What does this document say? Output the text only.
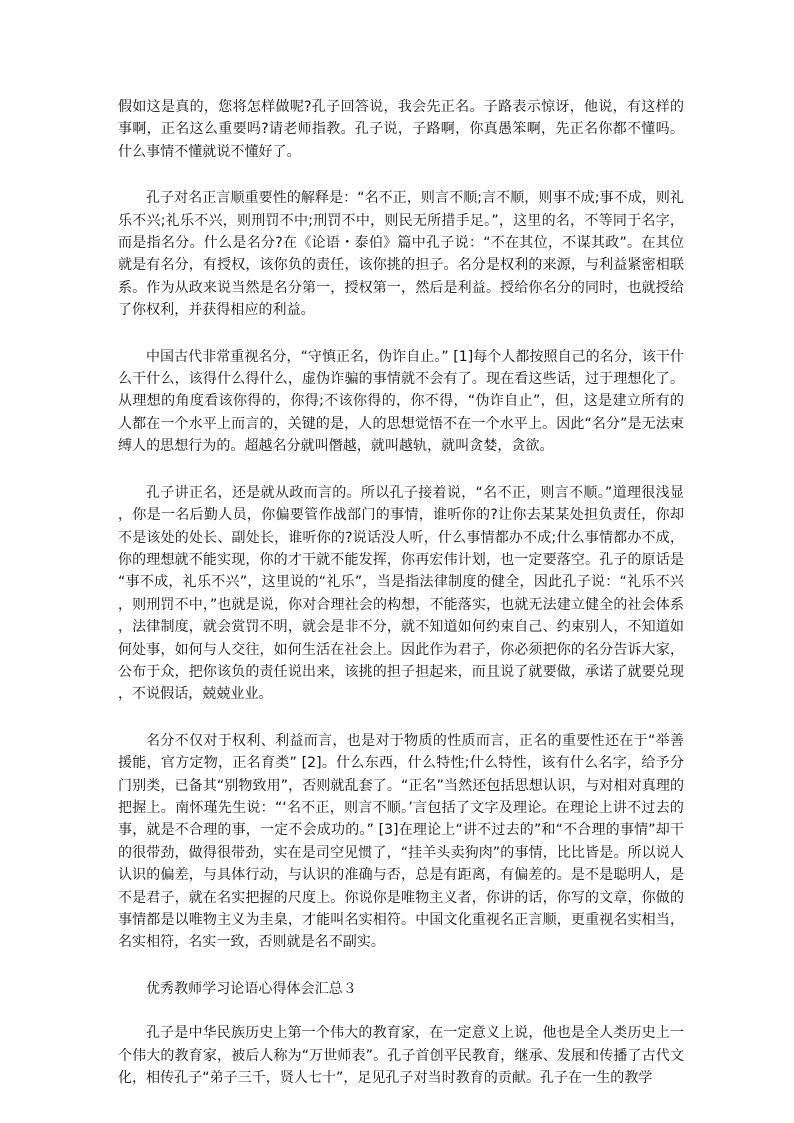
假如这是真的，您将怎样做呢?孔子回答说，我会先正名。子路表示惊讶，他说，有这样的事啊，正名这么重要吗?请老师指教。孔子说，子路啊，你真愚笨啊，先正名你都不懂吗。什么事情不懂就说不懂好了。

孔子对名正言顺重要性的解释是：“名不正，则言不顺;言不顺，则事不成;事不成，则礼乐不兴;礼乐不兴，则刑罚不中;刑罚不中，则民无所措手足。”，这里的名，不等同于名字，而是指名分。什么是名分?在《论语・泰伯》篇中孔子说：“不在其位，不谋其政”。在其位就是有名分，有授权，该你负的责任，该你挑的担子。名分是权利的来源，与利益紧密相联系。作为从政来说当然是名分第一，授权第一，然后是利益。授给你名分的同时，也就授给了你权利，并获得相应的利益。

中国古代非常重视名分，“守慎正名，伪诈自止。” [1]每个人都按照自己的名分，该干什么干什么，该得什么得什么，虚伪诈骗的事情就不会有了。现在看这些话，过于理想化了。从理想的角度看该你得的，你得;不该你得的，你不得，“伪诈自止”，但，这是建立所有的人都在一个水平上而言的，关键的是，人的思想觉悟不在一个水平上。因此“名分”是无法束缚人的思想行为的。超越名分就叫僭越，就叫越轨，就叫贪婪，贪欲。

孔子讲正名，还是就从政而言的。所以孔子接着说，“名不正，则言不顺。”道理很浅显，你是一名后勤人员，你偏要管作战部门的事情，谁听你的?让你去某某处担负责任，你却不是该处的处长、副处长，谁听你的?说话没人听，什么事情都办不成;什么事情都办不成，你的理想就不能实现，你的才干就不能发挥，你再宏伟计划，也一定要落空。孔子的原话是“事不成，礼乐不兴”，这里说的“礼乐”，当是指法律制度的健全，因此孔子说：“礼乐不兴，则刑罚不中，”也就是说，你对合理社会的构想，不能落实，也就无法建立健全的社会体系，法律制度，就会赏罚不明，就会是非不分，就不知道如何约束自己、约束别人，不知道如何处事，如何与人交往，如何生活在社会上。因此作为君子，你必须把你的名分告诉大家，公布于众，把你该负的责任说出来，该挑的担子担起来，而且说了就要做，承诺了就要兑现，不说假话，兢兢业业。

名分不仅对于权利、利益而言，也是对于物质的性质而言，正名的重要性还在于“举善援能，官方定物，正名育类” [2]。什么东西，什么特性;什么特性，该有什么名字，给予分门别类，已备其“别物致用”，否则就乱套了。“正名”当然还包括思想认识，与对相对真理的把握上。南怀瑾先生说：“‘名不正，则言不顺。’言包括了文字及理论。在理论上讲不过去的事，就是不合理的事，一定不会成功的。” [3]在理论上“讲不过去的”和“不合理的事情”却干的很带劲，做得很带劲，实在是司空见惯了，“挂羊头卖狗肉”的事情，比比皆是。所以说人认识的偏差，与具体行动，与认识的准确与否，总是有距离，有偏差的。是不是聪明人，是不是君子，就在名实把握的尺度上。你说你是唯物主义者，你讲的话，你写的文章，你做的事情都是以唯物主义为圭臬，才能叫名实相符。中国文化重视名正言顺，更重视名实相当，名实相符，名实一致，否则就是名不副实。

优秀教师学习论语心得体会汇总３

孔子是中华民族历史上第一个伟大的教育家，在一定意义上说，他也是全人类历史上一个伟大的教育家，被后人称为“万世师表”。孔子首创平民教育，继承、发展和传播了古代文化，相传孔子“弟子三千，贤人七十”，足见孔子对当时教育的贡献。孔子在一生的教学
